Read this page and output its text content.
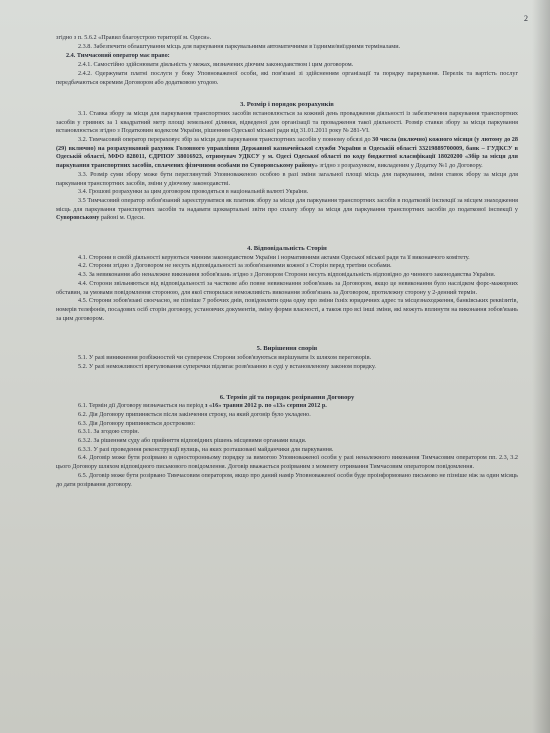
2

згідно з п. 5.6.2 «Правил благоустрою території м. Одеси».

2.3.8. Забезпечити облаштування місць для паркування паркувальними автоматичними в їздними/виїздними терміналами.

2.4. Тимчасовий оператор має право:

2.4.1. Самостійно здійснювати діяльність у межах, визначених діючим законодавством і цим договором.

2.4.2. Одержувати платні послуги у боку Уповноваженої особи, які пов'язані зі здійсненням організації та порядку паркування. Перелік та вартість послуг передбачаються окремим Договором або додатковою угодою.

3. Розмір і порядок розрахунків

3.1. Ставка збору за місця для паркування транспортних засобів встановлюється за кожний день провадження діяльності із забезпечення паркування транспортних засобів у гривнях за 1 квадратний метр площі земельної ділянки, відведеної для організації та провадження такої діяльності. Розмір ставки збору за місця паркування встановлюється згідно з Податковим кодексом України, рішенням Одеської міської ради від 31.01.2011 року № 281-VI.

3.2. Тимчасовий оператор перераховує збір за місця для паркування транспортних засобів у повному обсязі до 30 числа (включно) кожного місяця (у лютому до 28 (29) включно) на розрахунковий рахунок Головного управління Державної казначейської служби України в Одеській області 33219889700009, банк – ГУДКСУ в Одеській області, МФО 828011, ЄДРПОУ 38016923, отримувач УДКСУ у м. Одесі Одеської області по коду бюджетної класифікації 18020200 «Збір за місця для паркування транспортних засобів, сплачених фізичними особами по Суворовському району» згідно з розрахунком, викладеним у Додатку №1 до Договору.

3.3. Розмір суми збору може бути переглянутий Уповноваженою особою в разі зміни загальної площі місць для паркування, зміни ставок збору за місця для паркування транспортних засобів, зміни у діючому законодавстві.

3.4. Грошові розрахунки за цим договором проводяться в національній валюті України.

3.5 Тимчасовий оператор зобов'язаний зареєструватися як платник збору за місця для паркування транспортних засобів в податковій інспекції за місцем знаходження місць для паркування транспортних засобів та надавати щоквартальні звіти про сплату збору за місця для паркування транспортних засобів до податкової інспекції у Суворовському районі м. Одеси.

4. Відповідальність Сторін

4.1. Сторони в своїй діяльності керуються чинним законодавством України і нормативними актами Одеської міської ради та її виконавчого комітету.

4.2. Сторони згідно з Договором не несуть відповідальності за зобов'язаннями кожної з Сторін перед третіми особами.

4.3. За невиконання або неналежне виконання зобов'язань згідно з Договором Сторони несуть відповідальність відповідно до чинного законодавства України.

4.4. Сторони звільняються від відповідальності за часткове або повне невиконання зобов'язань за Договором, якщо це невиконання було наслідком форс-мажорних обставин, за умовами повідомлення стороною, для якої створилася неможливість виконання зобов'язань за Договором, протилежну сторону у 2-денний термін.

4.5. Сторони зобов'язані своєчасно, не пізніше 7 робочих днів, повідомляти одна одну про зміни їхніх юридичних адрес та місцезнаходження, банківських реквізитів, номерів телефонів, посадових осіб сторін договору, установчих документів, зміну форми власності, а також про всі інші зміни, які можуть вплинути на виконання зобов'язань за цим договором.

5. Вирішення спорів

5.1. У разі виникнення розбіжностей чи суперечок Сторони зобов'язуються вирішувати їх шляхом переговорів.

5.2. У разі неможливості врегулювання суперечки підлягає розв'язанню в суді у встановленому законом порядку.

6. Термін дії та порядок розірвання Договору

6.1. Термін дії Договору визначається на період з «16» травня 2012 р. по «13» серпня 2012 р.

6.2. Дія Договору припиняється після закінчення строку, на який договір було укладено.

6.3. Дія Договору припиняється достроково:

6.3.1. За згодою сторін.

6.3.2. За рішенням суду або прийняття відповідних рішень місцевими органами влади.

6.3.3. У разі проведення реконструкції вулиць, на яких розташовані майданчики для паркування.

6.4. Договір може бути розірвано в односторонньому порядку за вимогою Уповноваженої особи у разі неналежного виконання Тимчасовим оператором пп. 2.3, 3.2 цього Договору шляхом відповідного письмового повідомлення. Договір вважається розірваним з моменту отримання Тимчасовим оператором повідомлення.

6.5. Договір може бути розірвано Тимчасовим оператором, якщо про даний намір Уповноваженої особи буде проінформовано письмово не пізніше ніж за один місяць до дати розірвання договору.
